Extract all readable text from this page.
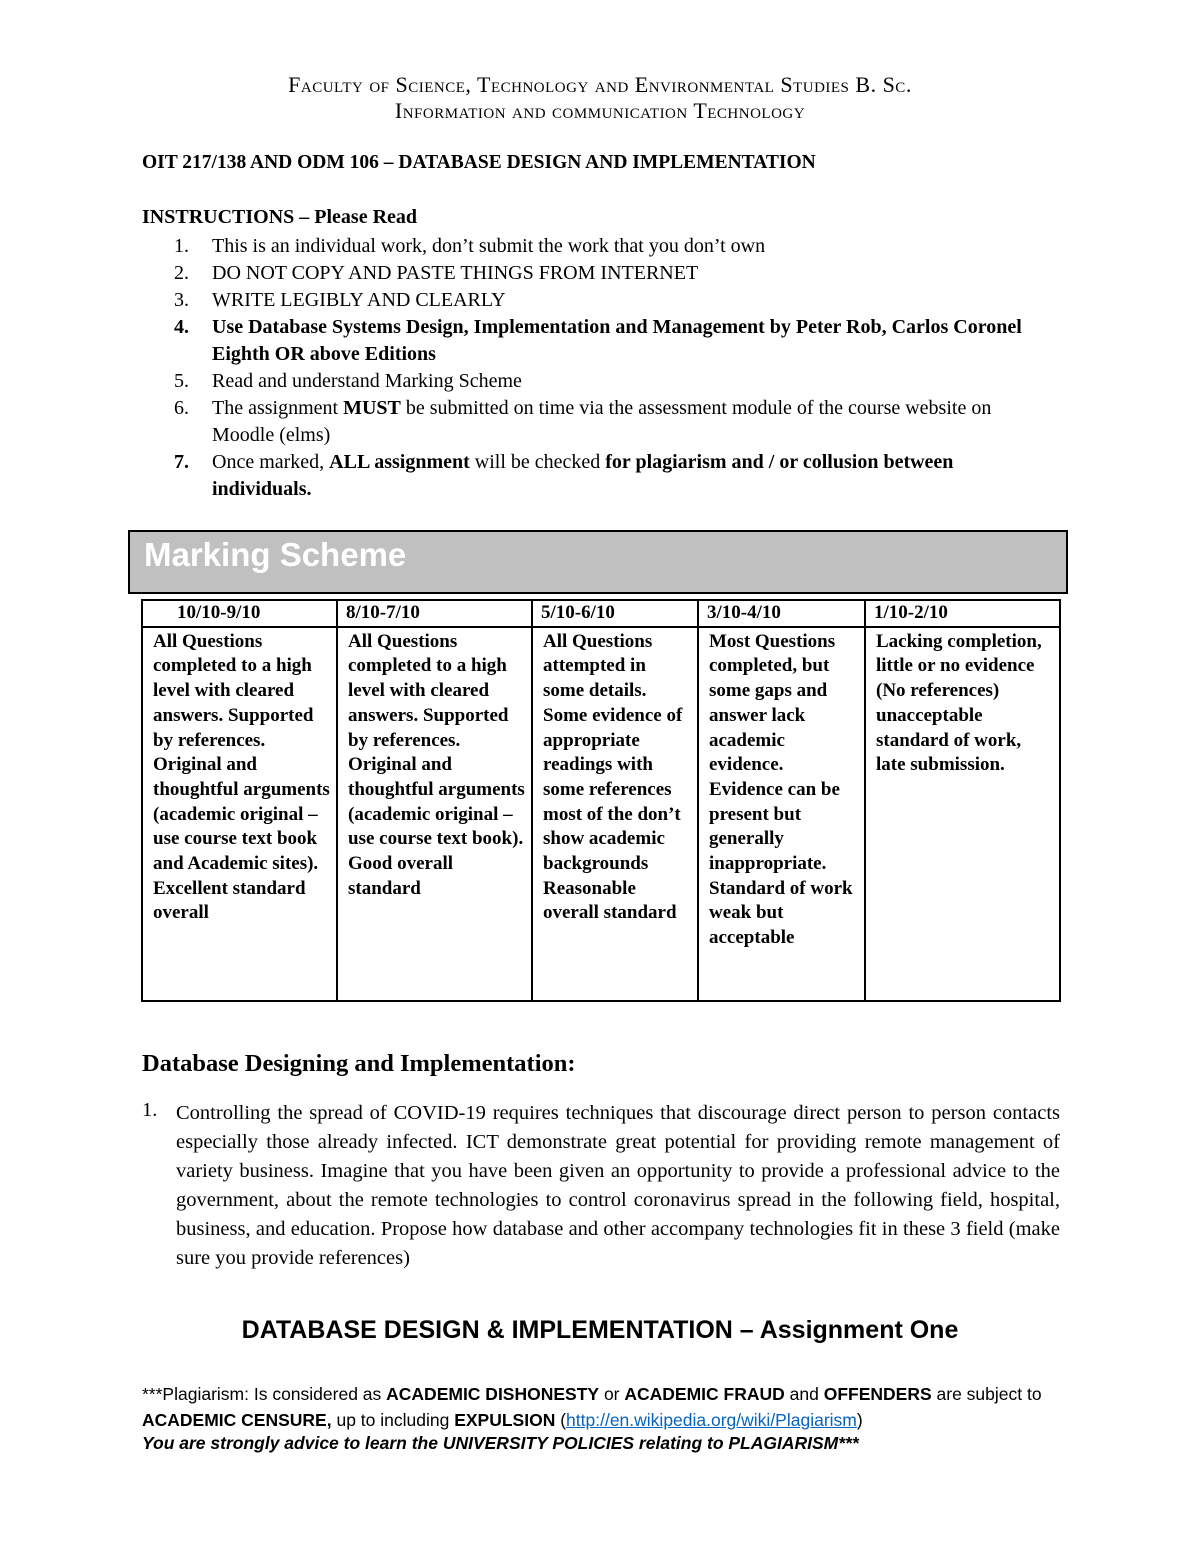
Faculty of Science, Technology and Environmental Studies B. Sc.
Information and communication Technology
OIT 217/138 AND ODM 106 – DATABASE DESIGN AND IMPLEMENTATION
INSTRUCTIONS – Please Read
1. This is an individual work, don’t submit the work that you don’t own
2. DO NOT COPY AND PASTE THINGS FROM INTERNET
3. WRITE LEGIBLY AND CLEARLY
4. Use Database Systems Design, Implementation and Management by Peter Rob, Carlos Coronel Eighth OR above Editions
5. Read and understand Marking Scheme
6. The assignment MUST be submitted on time via the assessment module of the course website on Moodle (elms)
7. Once marked, ALL assignment will be checked for plagiarism and / or collusion between individuals.
Marking Scheme
10/10-9/10	8/10-7/10	5/10-6/10	3/10-4/10	1/10-2/10
All Questions completed to a high level with cleared answers. Supported by references. Original and thoughtful arguments (academic original – use course text book and Academic sites). Excellent standard overall	All Questions completed to a high level with cleared answers. Supported by references. Original and thoughtful arguments (academic original – use course text book). Good overall standard	All Questions attempted in some details. Some evidence of appropriate readings with some references most of the don’t show academic backgrounds Reasonable overall standard	Most Questions completed, but some gaps and answer lack academic evidence. Evidence can be present but generally inappropriate. Standard of work weak but acceptable	Lacking completion, little or no evidence (No references) unacceptable standard of work, late submission.
Database Designing and Implementation:
1. Controlling the spread of COVID-19 requires techniques that discourage direct person to person contacts especially those already infected. ICT demonstrate great potential for providing remote management of variety business. Imagine that you have been given an opportunity to provide a professional advice to the government, about the remote technologies to control coronavirus spread in the following field, hospital, business, and education. Propose how database and other accompany technologies fit in these 3 field (make sure you provide references)
DATABASE DESIGN & IMPLEMENTATION – Assignment One
***Plagiarism: Is considered as ACADEMIC DISHONESTY or ACADEMIC FRAUD and OFFENDERS are subject to ACADEMIC CENSURE, up to including EXPULSION (http://en.wikipedia.org/wiki/Plagiarism)
You are strongly advice to learn the UNIVERSITY POLICIES relating to PLAGIARISM***
